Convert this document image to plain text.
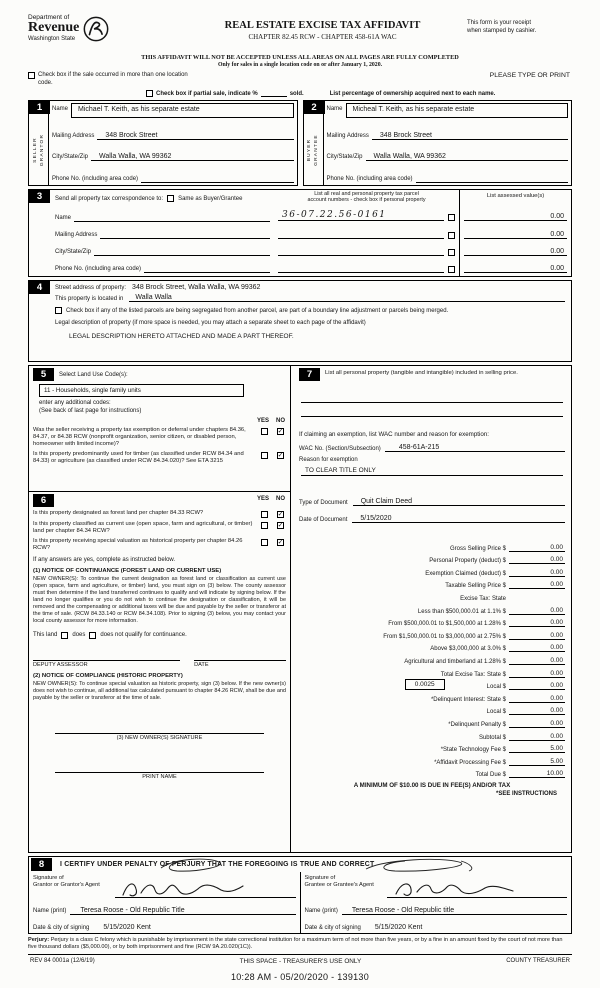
Department of
Revenue
Washington State
REAL ESTATE EXCISE TAX AFFIDAVIT
CHAPTER 82.45 RCW - CHAPTER 458-61A WAC
This form is your receipt
when stamped by cashier.
THIS AFFIDAVIT WILL NOT BE ACCEPTED UNLESS ALL AREAS ON ALL PAGES ARE FULLY COMPLETED
Only for sales in a single location code on or after January 1, 2020.
Check box if the sale occurred in more than one location code.
PLEASE TYPE OR PRINT
Check box if partial sale, indicate %	sold.	List percentage of ownership acquired next to each name.
1
SELLER GRANTOR
Name	Michael T. Keith, as his separate estate
Mailing Address	348 Brock Street
City/State/Zip	Walla Walla, WA 99362
Phone No. (including area code)
2
BUYER GRANTEE
Name	Micheal T. Keith, as his separate estate
Mailing Address	348 Brock Street
City/State/Zip	Walla Walla, WA 99362
Phone No. (including area code)
3	Send all property tax correspondence to:	Same as Buyer/Grantee
Name
Mailing Address
City/State/Zip
Phone No. (including area code)
List all real and personal property tax parcel
account numbers - check box if personal property
36-07.22.56-0161
List assessed value(s)
0.00
0.00
0.00
0.00
4	Street address of property: 348 Brock Street, Walla Walla, WA 99362
This property is located in	Walla Walla
Check box if any of the listed parcels are being segregated from another parcel, are part of a boundary line adjustment or parcels being merged.
Legal description of property (if more space is needed, you may attach a separate sheet to each page of the affidavit)
LEGAL DESCRIPTION HERETO ATTACHED AND MADE A PART THEREOF.
5	Select Land Use Code(s):
11 - Households, single family units
enter any additional codes:
(See back of last page for instructions)
YES NO
Was the seller receiving a property tax exemption or deferral under chapters 84.36, 84.37, or 84.38 RCW (nonprofit organization, senior citizen, or disabled person, homeowner with limited income)?
✓
Is this property predominantly used for timber (as classified under RCW 84.34 and 84.33) or agriculture (as classified under RCW 84.34.020)? See ETA 3215
✓
6	YES NO
Is this property designated as forest land per chapter 84.33 RCW?	✓
Is this property classified as current use (open space, farm and agricultural, or timber) land per chapter 84.34 RCW?
✓
Is this property receiving special valuation as historical property per chapter 84.26 RCW?
✓
If any answers are yes, complete as instructed below.
(1) NOTICE OF CONTINUANCE (FOREST LAND OR CURRENT USE)
NEW OWNER(S): To continue the current designation as forest land or classification as current use (open space, farm and agriculture, or timber) land, you must sign on (3) below. The county assessor must then determine if the land transferred continues to qualify and will indicate by signing below. If the land no longer qualifies or you do not wish to continue the designation or classification, it will be removed and the compensating or additional taxes will be due and payable by the seller or transferor at the time of sale. (RCW 84.33.140 or RCW 84.34.108). Prior to signing (3) below, you may contact your local county assessor for more information.
This land	does	does not qualify for continuance.
DEPUTY ASSESSOR	DATE
(2) NOTICE OF COMPLIANCE (HISTORIC PROPERTY)
NEW OWNER(S): To continue special valuation as historic property, sign (3) below. If the new owner(s) does not wish to continue, all additional tax calculated pursuant to chapter 84.26 RCW, shall be due and payable by the seller or transferor at the time of sale.
(3) NEW OWNER(S) SIGNATURE
PRINT NAME
7	List all personal property (tangible and intangible) included in selling price.
If claiming an exemption, list WAC number and reason for exemption:
WAC No. (Section/Subsection)	458-61A-215
Reason for exemption
TO CLEAR TITLE ONLY
Type of Document	Quit Claim Deed
Date of Document	5/15/2020
Gross Selling Price $	0.00
Personal Property (deduct) $	0.00
Exemption Claimed (deduct) $	0.00
Taxable Selling Price $	0.00
Excise Tax: State
Less than $500,000.01 at 1.1% $	0.00
From $500,000.01 to $1,500,000 at 1.28% $	0.00
From $1,500,000.01 to $3,000,000 at 2.75% $	0.00
Above $3,000,000 at 3.0% $	0.00
Agricultural and timberland at 1.28% $	0.00
Total Excise Tax: State $	0.00
0.0025	Local $	0.00
*Delinquent Interest: State $	0.00
Local $	0.00
*Delinquent Penalty $	0.00
Subtotal $	0.00
*State Technology Fee $	5.00
*Affidavit Processing Fee $	5.00
Total Due $	10.00
A MINIMUM OF $10.00 IS DUE IN FEE(S) AND/OR TAX
*SEE INSTRUCTIONS
8	I CERTIFY UNDER PENALTY OF PERJURY THAT THE FOREGOING IS TRUE AND CORRECT
Signature of
Grantor or Grantor's Agent
Name (print)	Teresa Roose - Old Republic Title
Date & city of signing	5/15/2020 Kent
Signature of
Grantee or Grantee's Agent
Name (print)	Teresa Roose - Old Republic title
Date & city of signing	5/15/2020 Kent
Perjury: Perjury is a class C felony which is punishable by imprisonment in the state correctional institution for a maximum term of not more than five years, or by a fine in an amount fixed by the court of not more than five thousand dollars ($5,000.00), or by both imprisonment and fine (RCW 9A.20.020(1C)).
REV 84 0001a (12/6/19)	THIS SPACE - TREASURER'S USE ONLY	COUNTY TREASURER
10:28 AM - 05/20/2020 - 139130
